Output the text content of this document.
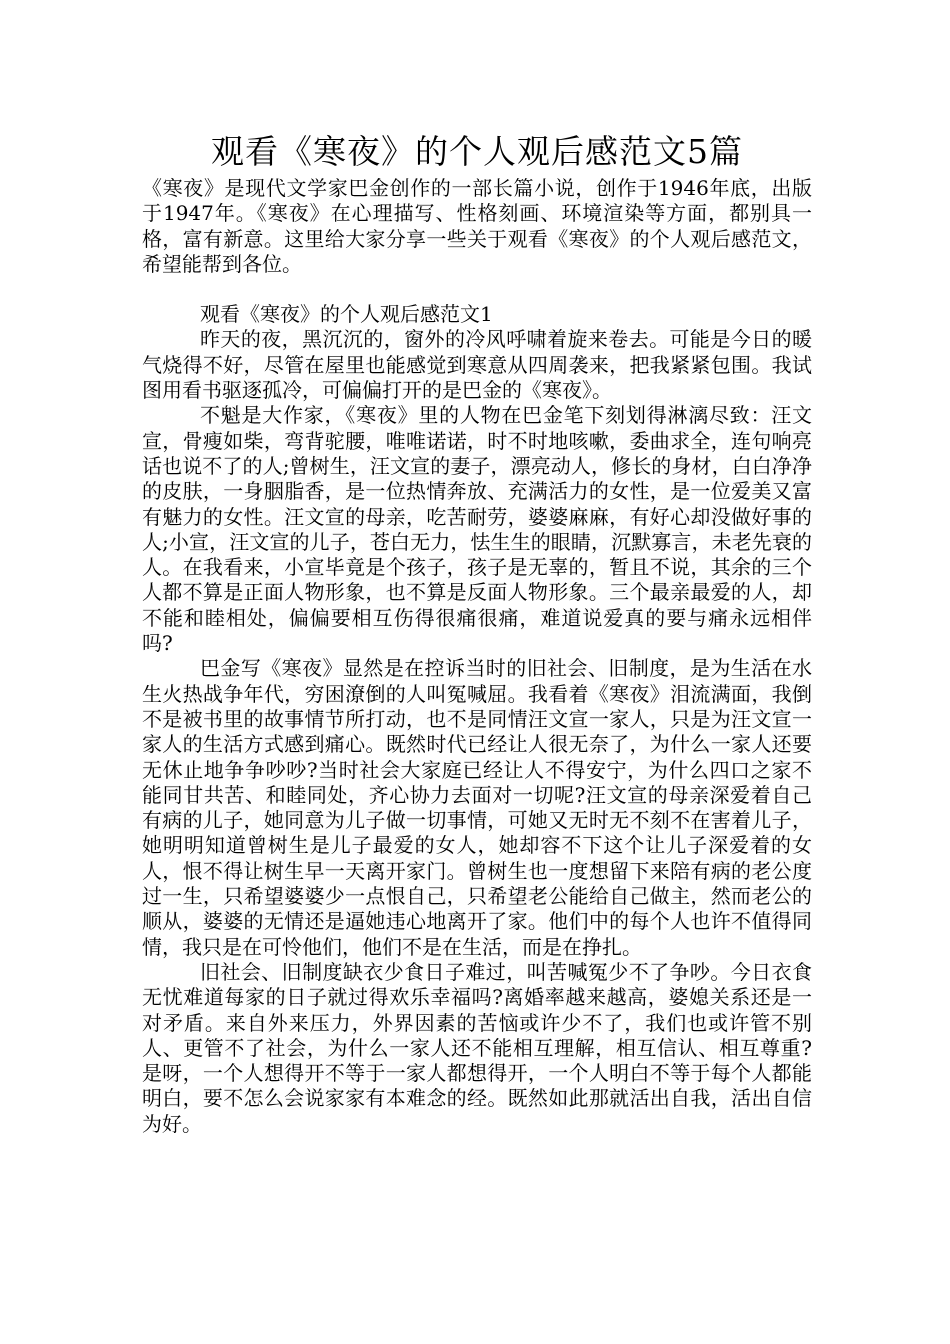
观看《寒夜》的个人观后感范文5篇

《寒夜》是现代文学家巴金创作的一部长篇小说，创作于1946年底，出版于1947年。《寒夜》在心理描写、性格刻画、环境渲染等方面，都别具一格，富有新意。这里给大家分享一些关于观看《寒夜》的个人观后感范文，希望能帮到各位。

观看《寒夜》的个人观后感范文1

昨天的夜，黑沉沉的，窗外的冷风呼啸着旋来卷去。可能是今日的暖气烧得不好，尽管在屋里也能感觉到寒意从四周袭来，把我紧紧包围。我试图用看书驱逐孤冷，可偏偏打开的是巴金的《寒夜》。

不魁是大作家，《寒夜》里的人物在巴金笔下刻划得淋漓尽致：汪文宣，骨瘦如柴，弯背驼腰，唯唯诺诺，时不时地咳嗽，委曲求全，连句响亮话也说不了的人;曾树生，汪文宣的妻子，漂亮动人，修长的身材，白白净净的皮肤，一身胭脂香，是一位热情奔放、充满活力的女性，是一位爱美又富有魅力的女性。汪文宣的母亲，吃苦耐劳，婆婆麻麻，有好心却没做好事的人;小宣，汪文宣的儿子，苍白无力，怯生生的眼睛，沉默寡言，未老先衰的人。在我看来，小宣毕竟是个孩子，孩子是无辜的，暂且不说，其余的三个人都不算是正面人物形象，也不算是反面人物形象。三个最亲最爱的人，却不能和睦相处，偏偏要相互伤得很痛很痛，难道说爱真的要与痛永远相伴吗?

巴金写《寒夜》显然是在控诉当时的旧社会、旧制度，是为生活在水生火热战争年代，穷困潦倒的人叫冤喊屈。我看着《寒夜》泪流满面，我倒不是被书里的故事情节所打动，也不是同情汪文宣一家人，只是为汪文宣一家人的生活方式感到痛心。既然时代已经让人很无奈了，为什么一家人还要无休止地争争吵吵?当时社会大家庭已经让人不得安宁，为什么四口之家不能同甘共苦、和睦同处，齐心协力去面对一切呢?汪文宣的母亲深爱着自己有病的儿子，她同意为儿子做一切事情，可她又无时无不刻不在害着儿子，她明明知道曾树生是儿子最爱的女人，她却容不下这个让儿子深爱着的女人，恨不得让树生早一天离开家门。曾树生也一度想留下来陪有病的老公度过一生，只希望婆婆少一点恨自己，只希望老公能给自己做主，然而老公的顺从，婆婆的无情还是逼她违心地离开了家。他们中的每个人也许不值得同情，我只是在可怜他们，他们不是在生活，而是在挣扎。

旧社会、旧制度缺衣少食日子难过，叫苦喊冤少不了争吵。今日衣食无忧难道每家的日子就过得欢乐幸福吗?离婚率越来越高，婆媳关系还是一对矛盾。来自外来压力，外界因素的苦恼或许少不了，我们也或许管不别人、更管不了社会，为什么一家人还不能相互理解，相互信认、相互尊重?是呀，一个人想得开不等于一家人都想得开，一个人明白不等于每个人都能明白，要不怎么会说家家有本难念的经。既然如此那就活出自我，活出自信为好。
